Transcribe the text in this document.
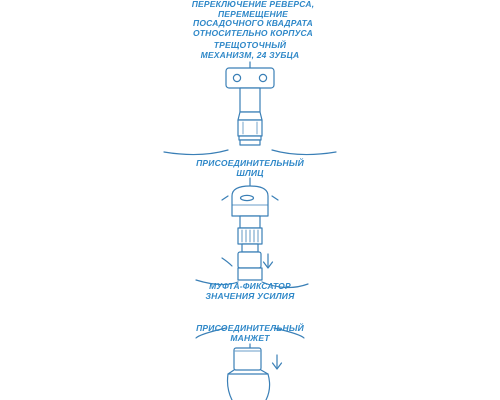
ПЕРЕКЛЮЧЕНИЕ РЕВЕРСА,
ПЕРЕМЕЩЕНИЕ
ПОСАДОЧНОГО КВАДРАТА
ОТНОСИТЕЛЬНО КОРПУСА
ТРЕЩОТОЧНЫЙ
МЕХАНИЗМ, 24 ЗУБЦА
ПРИСОЕДИНИТЕЛЬНЫЙ
ШЛИЦ
МУФТА-ФИКСАТОР
ЗНАЧЕНИЯ УСИЛИЯ
ПРИСОЕДИНИТЕЛЬНЫЙ
МАНЖЕТ
